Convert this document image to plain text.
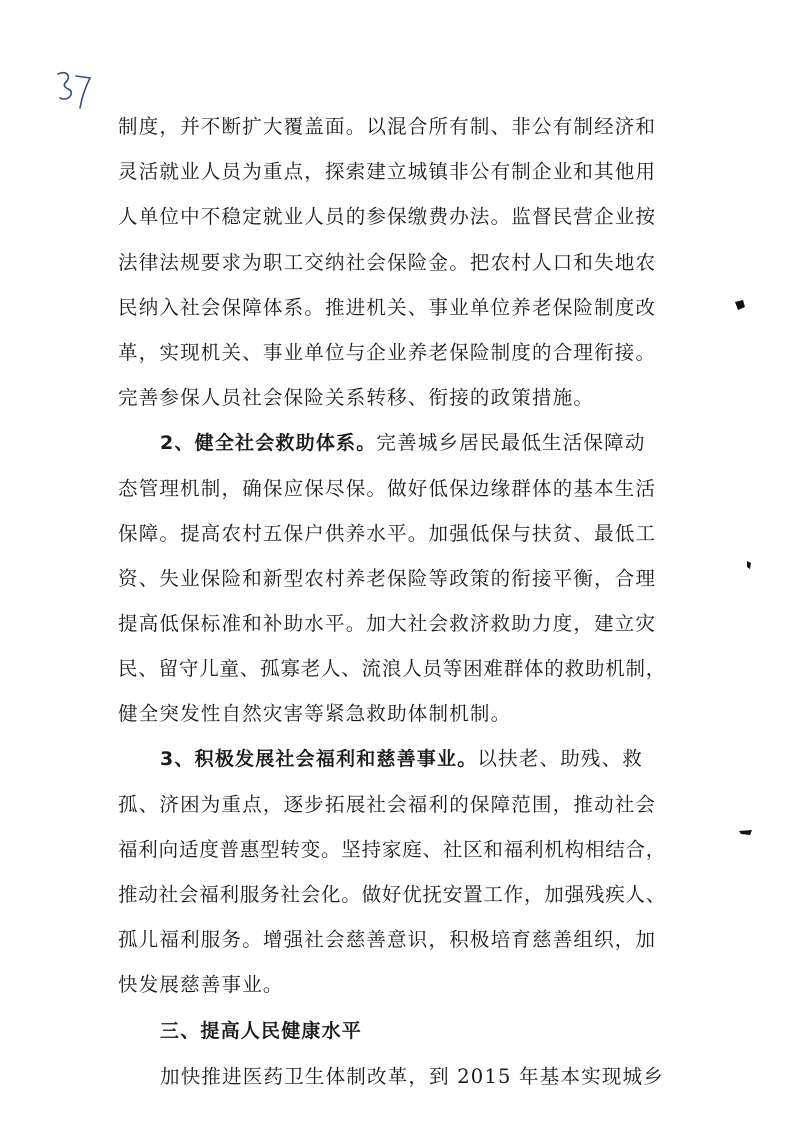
制度，并不断扩大覆盖面。以混合所有制、非公有制经济和
灵活就业人员为重点，探索建立城镇非公有制企业和其他用
人单位中不稳定就业人员的参保缴费办法。监督民营企业按
法律法规要求为职工交纳社会保险金。把农村人口和失地农
民纳入社会保障体系。推进机关、事业单位养老保险制度改
革，实现机关、事业单位与企业养老保险制度的合理衔接。
完善参保人员社会保险关系转移、衔接的政策措施。
2、健全社会救助体系。完善城乡居民最低生活保障动
态管理机制，确保应保尽保。做好低保边缘群体的基本生活
保障。提高农村五保户供养水平。加强低保与扶贫、最低工
资、失业保险和新型农村养老保险等政策的衔接平衡，合理
提高低保标准和补助水平。加大社会救济救助力度，建立灾
民、留守儿童、孤寡老人、流浪人员等困难群体的救助机制，
健全突发性自然灾害等紧急救助体制机制。
3、积极发展社会福利和慈善事业。以扶老、助残、救
孤、济困为重点，逐步拓展社会福利的保障范围，推动社会
福利向适度普惠型转变。坚持家庭、社区和福利机构相结合，
推动社会福利服务社会化。做好优抚安置工作，加强残疾人、
孤儿福利服务。增强社会慈善意识，积极培育慈善组织，加
快发展慈善事业。
三、提高人民健康水平
加快推进医药卫生体制改革，到 2015 年基本实现城乡
